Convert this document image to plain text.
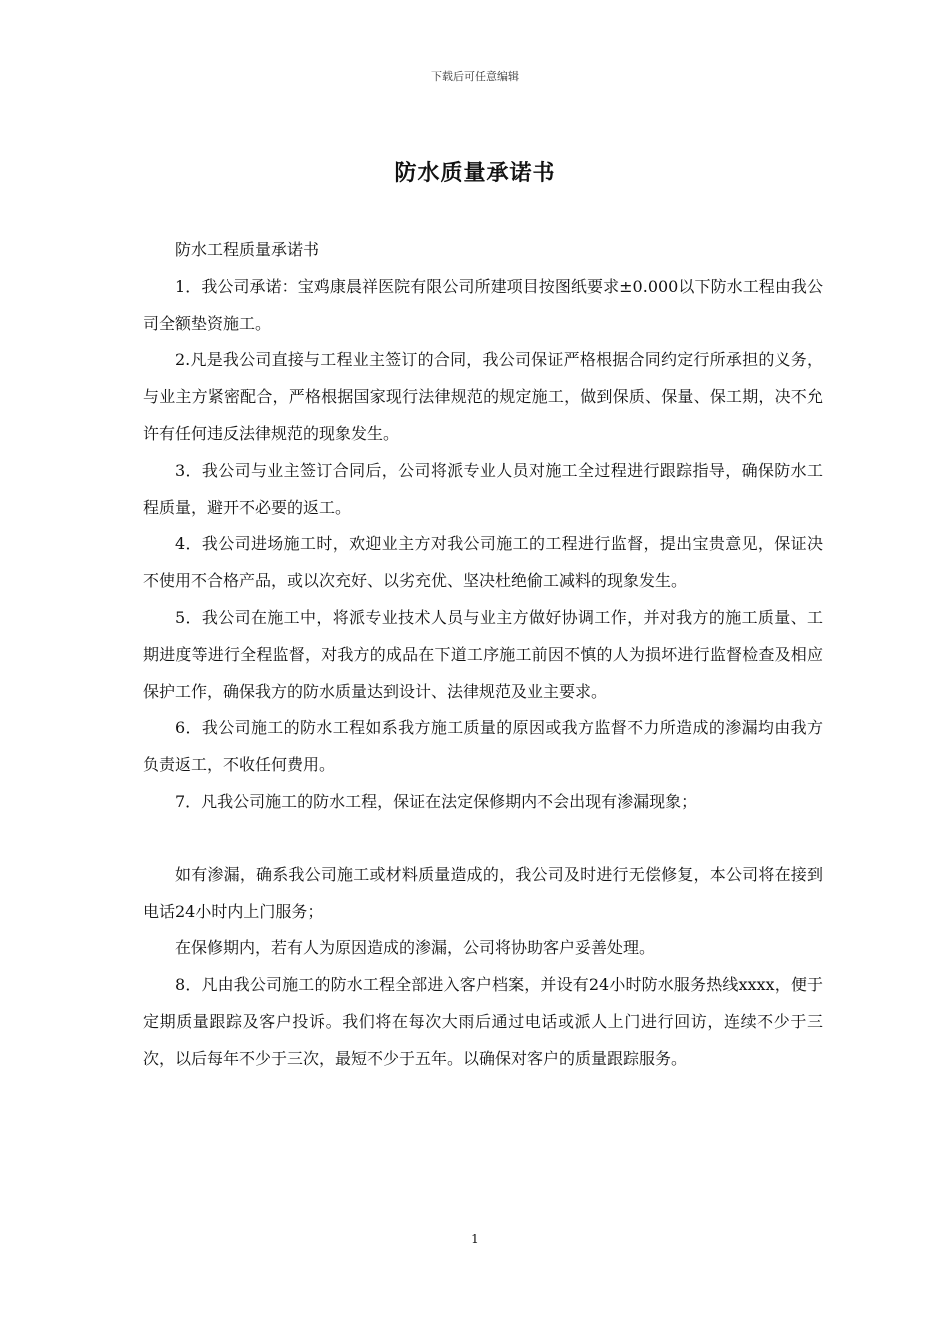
下载后可任意编辑
防水质量承诺书

防水工程质量承诺书

1．我公司承诺：宝鸡康晨祥医院有限公司所建项目按图纸要求±0.000以下防水工程由我公司全额垫资施工。

2.凡是我公司直接与工程业主签订的合同，我公司保证严格根据合同约定行所承担的义务，与业主方紧密配合，严格根据国家现行法律规范的规定施工，做到保质、保量、保工期，决不允许有任何违反法律规范的现象发生。

3．我公司与业主签订合同后，公司将派专业人员对施工全过程进行跟踪指导，确保防水工程质量，避开不必要的返工。

4．我公司进场施工时，欢迎业主方对我公司施工的工程进行监督，提出宝贵意见，保证决不使用不合格产品，或以次充好、以劣充优、坚决杜绝偷工减料的现象发生。

5．我公司在施工中，将派专业技术人员与业主方做好协调工作，并对我方的施工质量、工期进度等进行全程监督，对我方的成品在下道工序施工前因不慎的人为损坏进行监督检查及相应保护工作，确保我方的防水质量达到设计、法律规范及业主要求。

6．我公司施工的防水工程如系我方施工质量的原因或我方监督不力所造成的渗漏均由我方负责返工，不收任何费用。

7．凡我公司施工的防水工程，保证在法定保修期内不会出现有渗漏现象；

如有渗漏，确系我公司施工或材料质量造成的，我公司及时进行无偿修复，本公司将在接到电话24小时内上门服务；

在保修期内，若有人为原因造成的渗漏，公司将协助客户妥善处理。

8．凡由我公司施工的防水工程全部进入客户档案，并设有24小时防水服务热线xxxx，便于定期质量跟踪及客户投诉。我们将在每次大雨后通过电话或派人上门进行回访，连续不少于三次，以后每年不少于三次，最短不少于五年。以确保对客户的质量跟踪服务。

1
